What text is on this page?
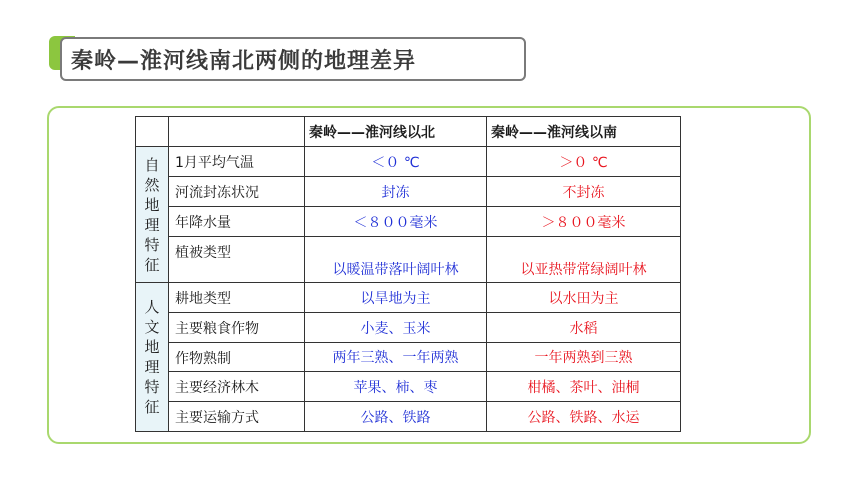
秦岭—淮河线南北两侧的地理差异
		秦岭——淮河线以北	秦岭——淮河线以南
自然地理特征	1月平均气温	＜０ ℃	＞０ ℃
	河流封冻状况	封冻	不封冻
	年降水量	＜８００毫米	＞８００毫米
	植被类型	以暖温带落叶阔叶林	以亚热带常绿阔叶林
人文地理特征	耕地类型	以旱地为主	以水田为主
	主要粮食作物	小麦、玉米	水稻
	作物熟制	两年三熟、一年两熟	一年两熟到三熟
	主要经济林木	苹果、柿、枣	柑橘、茶叶、油桐
	主要运输方式	公路、铁路	公路、铁路、水运
